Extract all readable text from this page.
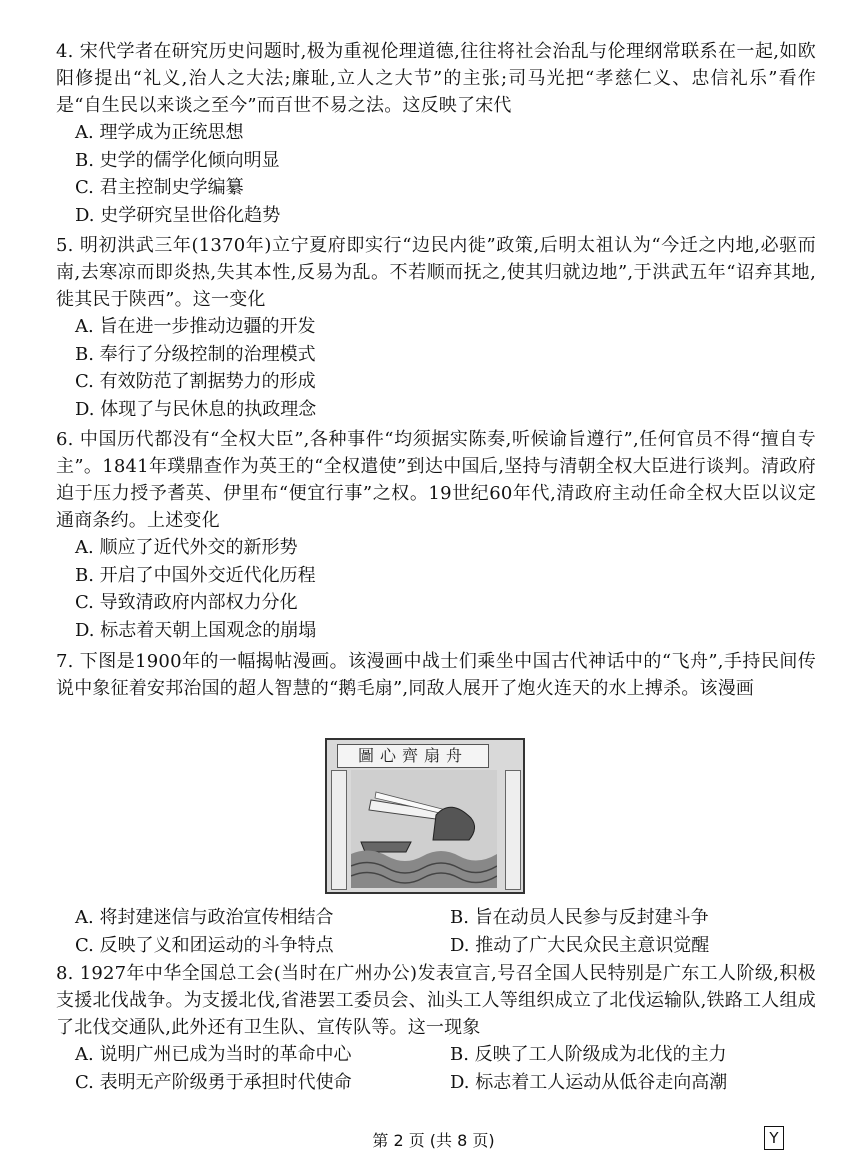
4. 宋代学者在研究历史问题时,极为重视伦理道德,往往将社会治乱与伦理纲常联系在一起,如欧阳修提出“礼义,治人之大法;廉耻,立人之大节”的主张;司马光把“孝慈仁义、忠信礼乐”看作是“自生民以来谈之至今”而百世不易之法。这反映了宋代

A. 理学成为正统思想

B. 史学的儒学化倾向明显

C. 君主控制史学编纂

D. 史学研究呈世俗化趋势

5. 明初洪武三年(1370年)立宁夏府即实行“边民内徙”政策,后明太祖认为“今迁之内地,必驱而南,去寒凉而即炎热,失其本性,反易为乱。不若顺而抚之,使其归就边地”,于洪武五年“诏弃其地,徙其民于陕西”。这一变化

A. 旨在进一步推动边疆的开发

B. 奉行了分级控制的治理模式

C. 有效防范了割据势力的形成

D. 体现了与民休息的执政理念

6. 中国历代都没有“全权大臣”,各种事件“均须据实陈奏,听候谕旨遵行”,任何官员不得“擅自专主”。1841年璞鼎查作为英王的“全权遣使”到达中国后,坚持与清朝全权大臣进行谈判。清政府迫于压力授予耆英、伊里布“便宜行事”之权。19世纪60年代,清政府主动任命全权大臣以议定通商条约。上述变化

A. 顺应了近代外交的新形势

B. 开启了中国外交近代化历程

C. 导致清政府内部权力分化

D. 标志着天朝上国观念的崩塌

7. 下图是1900年的一幅揭帖漫画。该漫画中战士们乘坐中国古代神话中的“飞舟”,手持民间传说中象征着安邦治国的超人智慧的“鹅毛扇”,同敌人展开了炮火连天的水上搏杀。该漫画

圖心齊扇舟

A. 将封建迷信与政治宣传相结合	B. 旨在动员人民参与反封建斗争

C. 反映了义和团运动的斗争特点	D. 推动了广大民众民主意识觉醒

8. 1927年中华全国总工会(当时在广州办公)发表宣言,号召全国人民特别是广东工人阶级,积极支援北伐战争。为支援北伐,省港罢工委员会、汕头工人等组织成立了北伐运输队,铁路工人组成了北伐交通队,此外还有卫生队、宣传队等。这一现象

A. 说明广州已成为当时的革命中心	B. 反映了工人阶级成为北伐的主力

C. 表明无产阶级勇于承担时代使命	D. 标志着工人运动从低谷走向高潮

第 2 页 (共 8 页)	Y
